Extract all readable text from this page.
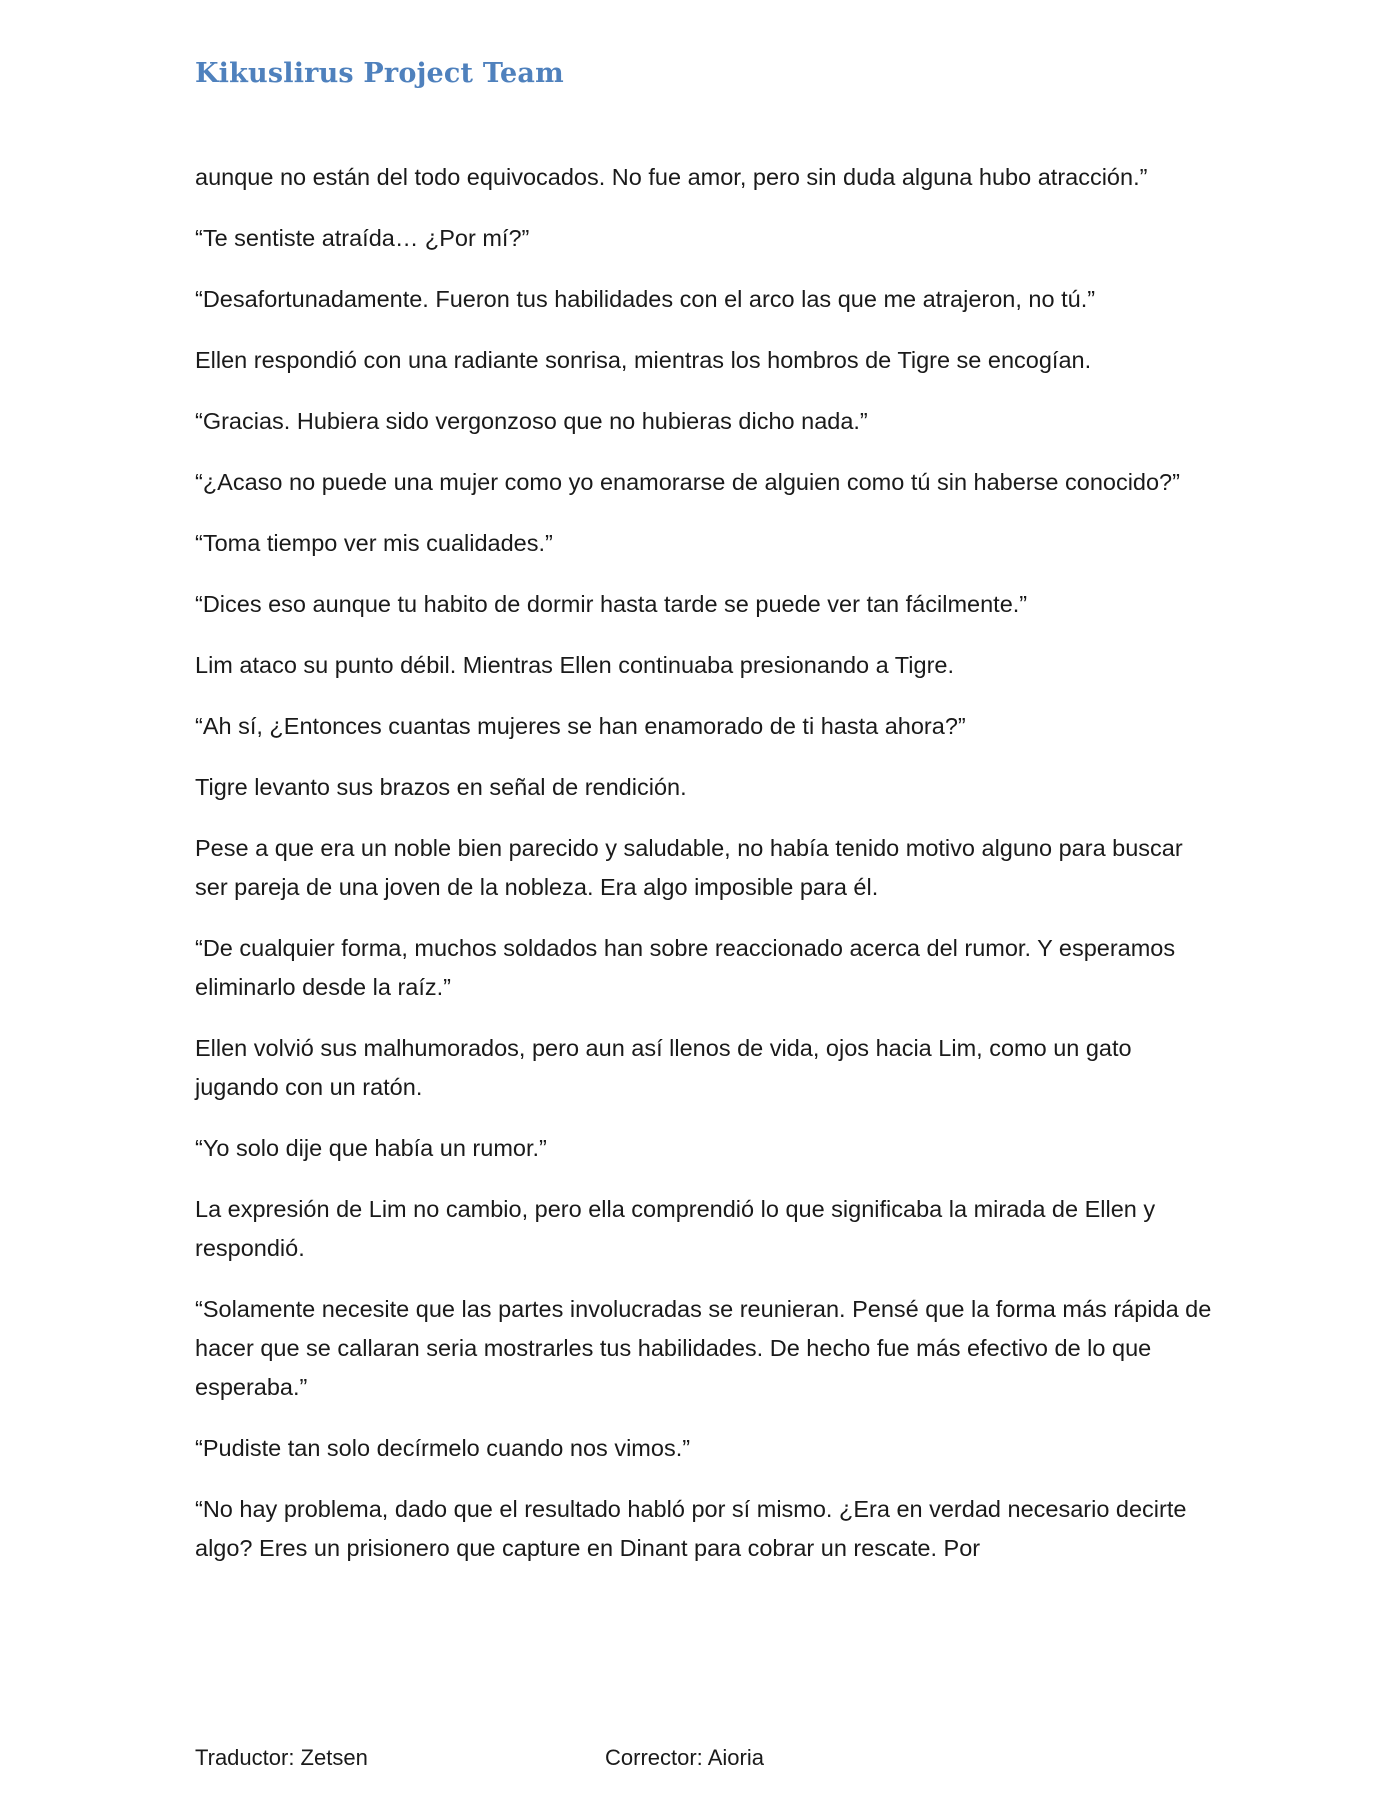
Kikuslirus Project Team

aunque no están del todo equivocados. No fue amor, pero sin duda alguna hubo atracción.”

“Te sentiste atraída… ¿Por mí?”

“Desafortunadamente. Fueron tus habilidades con el arco las que me atrajeron, no tú.”

Ellen respondió con una radiante sonrisa, mientras los hombros de Tigre se encogían.

“Gracias. Hubiera sido vergonzoso que no hubieras dicho nada.”

“¿Acaso no puede una mujer como yo enamorarse de alguien como tú sin haberse conocido?”

“Toma tiempo ver mis cualidades.”

“Dices eso aunque tu habito de dormir hasta tarde se puede ver tan fácilmente.”

Lim ataco su punto débil. Mientras Ellen continuaba presionando a Tigre.

“Ah sí, ¿Entonces cuantas mujeres se han enamorado de ti hasta ahora?”

Tigre levanto sus brazos en señal de rendición.

Pese a que era un noble bien parecido y saludable, no había tenido motivo alguno para buscar ser pareja de una joven de la nobleza. Era algo imposible para él.

“De cualquier forma, muchos soldados han sobre reaccionado acerca del rumor. Y esperamos eliminarlo desde la raíz.”

Ellen volvió sus malhumorados, pero aun así llenos de vida, ojos hacia Lim, como un gato jugando con un ratón.

“Yo solo dije que había un rumor.”

La expresión de Lim no cambio, pero ella comprendió lo que significaba la mirada de Ellen y respondió.

“Solamente necesite que las partes involucradas se reunieran. Pensé que la forma más rápida de hacer que se callaran seria mostrarles tus habilidades. De hecho fue más efectivo de lo que esperaba.”

“Pudiste tan solo decírmelo cuando nos vimos.”

“No hay problema, dado que el resultado habló por sí mismo. ¿Era en verdad necesario decirte algo? Eres un prisionero que capture en Dinant para cobrar un rescate. Por

Traductor: Zetsen	Corrector: Aioria
